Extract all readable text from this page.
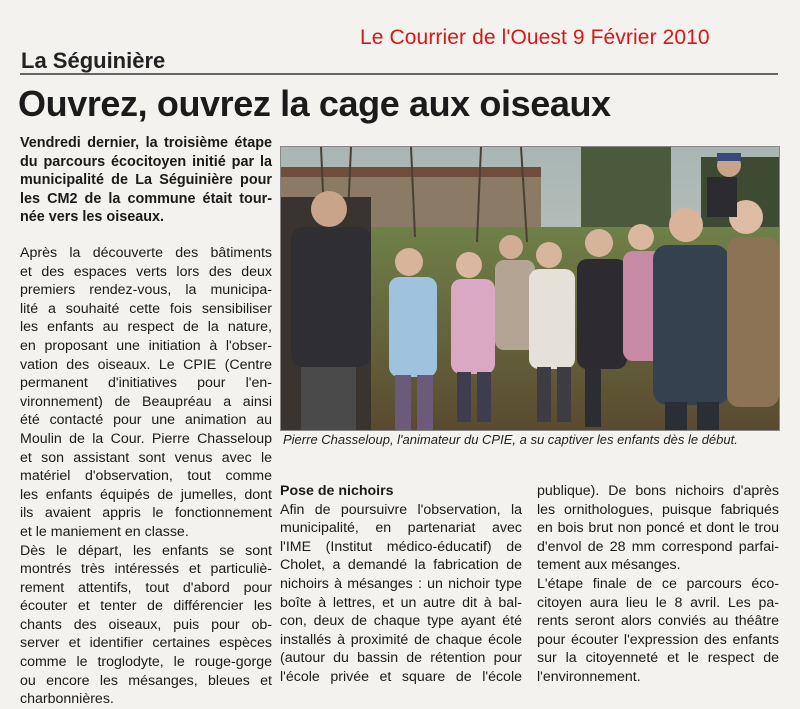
Le Courrier de l'Ouest 9 Février 2010
La Séguinière
Ouvrez, ouvrez la cage aux oiseaux
Vendredi dernier, la troisième étape
du parcours écocitoyen initié par la
municipalité de La Séguinière pour
les CM2 de la commune était tour-
née vers les oiseaux.
Après la découverte des bâtiments
et des espaces verts lors des deux
premiers rendez-vous, la municipa-
lité a souhaité cette fois sensibiliser
les enfants au respect de la nature,
en proposant une initiation à l'obser-
vation des oiseaux. Le CPIE (Centre
permanent d'initiatives pour l'en-
vironnement) de Beaupréau a ainsi
été contacté pour une animation au
Moulin de la Cour. Pierre Chasseloup
et son assistant sont venus avec le
matériel d'observation, tout comme
les enfants équipés de jumelles, dont
ils avaient appris le fonctionnement
et le maniement en classe.
Dès le départ, les enfants se sont
montrés très intéressés et particuliè-
rement attentifs, tout d'abord pour
écouter et tenter de différencier les
chants des oiseaux, puis pour ob-
server et identifier certaines espèces
comme le troglodyte, le rouge-gorge
ou encore les mésanges, bleues et
charbonnières.
Pierre Chasseloup, l'animateur du CPIE, a su captiver les enfants dès le début.
Pose de nichoirs
Afin de poursuivre l'observation, la
municipalité, en partenariat avec
l'IME (Institut médico-éducatif) de
Cholet, a demandé la fabrication de
nichoirs à mésanges : un nichoir type
boîte à lettres, et un autre dit à bal-
con, deux de chaque type ayant été
installés à proximité de chaque école
(autour du bassin de rétention pour
l'école privée et square de l'école
publique). De bons nichoirs d'après
les ornithologues, puisque fabriqués
en bois brut non poncé et dont le trou
d'envol de 28 mm correspond parfai-
tement aux mésanges.
L'étape finale de ce parcours éco-
citoyen aura lieu le 8 avril. Les pa-
rents seront alors conviés au théâtre
pour écouter l'expression des enfants
sur la citoyenneté et le respect de
l'environnement.
